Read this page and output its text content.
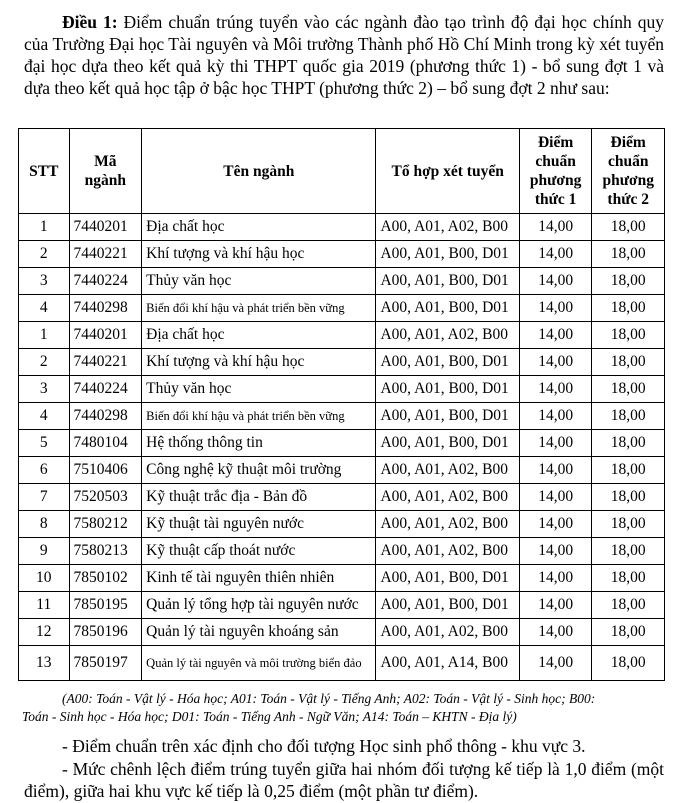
Điều 1: Điểm chuẩn trúng tuyển vào các ngành đào tạo trình độ đại học chính quy của Trường Đại học Tài nguyên và Môi trường Thành phố Hồ Chí Minh trong kỳ xét tuyển đại học dựa theo kết quả kỳ thi THPT quốc gia 2019 (phương thức 1) - bổ sung đợt 1 và dựa theo kết quả học tập ở bậc học THPT (phương thức 2) – bổ sung đợt 2 như sau:

STT	Mã ngành	Tên ngành	Tổ hợp xét tuyển	Điểm chuẩn phương thức 1	Điểm chuẩn phương thức 2
1	7440201	Địa chất học	A00, A01, A02, B00	14,00	18,00
2	7440221	Khí tượng và khí hậu học	A00, A01, B00, D01	14,00	18,00
3	7440224	Thủy văn học	A00, A01, B00, D01	14,00	18,00
4	7440298	Biến đổi khí hậu và phát triển bền vững	A00, A01, B00, D01	14,00	18,00
1	7440201	Địa chất học	A00, A01, A02, B00	14,00	18,00
2	7440221	Khí tượng và khí hậu học	A00, A01, B00, D01	14,00	18,00
3	7440224	Thủy văn học	A00, A01, B00, D01	14,00	18,00
4	7440298	Biến đổi khí hậu và phát triển bền vững	A00, A01, B00, D01	14,00	18,00
5	7480104	Hệ thống thông tin	A00, A01, B00, D01	14,00	18,00
6	7510406	Công nghệ kỹ thuật môi trường	A00, A01, A02, B00	14,00	18,00
7	7520503	Kỹ thuật trắc địa - Bản đồ	A00, A01, A02, B00	14,00	18,00
8	7580212	Kỹ thuật tài nguyên nước	A00, A01, A02, B00	14,00	18,00
9	7580213	Kỹ thuật cấp thoát nước	A00, A01, A02, B00	14,00	18,00
10	7850102	Kinh tế tài nguyên thiên nhiên	A00, A01, B00, D01	14,00	18,00
11	7850195	Quản lý tổng hợp tài nguyên nước	A00, A01, B00, D01	14,00	18,00
12	7850196	Quản lý tài nguyên khoáng sản	A00, A01, A02, B00	14,00	18,00
13	7850197	Quản lý tài nguyên và môi trường biển đảo	A00, A01, A14, B00	14,00	18,00
(A00: Toán - Vật lý - Hóa học; A01: Toán - Vật lý - Tiếng Anh; A02: Toán - Vật lý - Sinh học; B00:
Toán - Sinh học - Hóa học; D01: Toán - Tiếng Anh - Ngữ Văn; A14: Toán – KHTN - Địa lý)

- Điểm chuẩn trên xác định cho đối tượng Học sinh phổ thông - khu vực 3.

- Mức chênh lệch điểm trúng tuyển giữa hai nhóm đối tượng kế tiếp là 1,0 điểm (một điểm), giữa hai khu vực kế tiếp là 0,25 điểm (một phần tư điểm).
